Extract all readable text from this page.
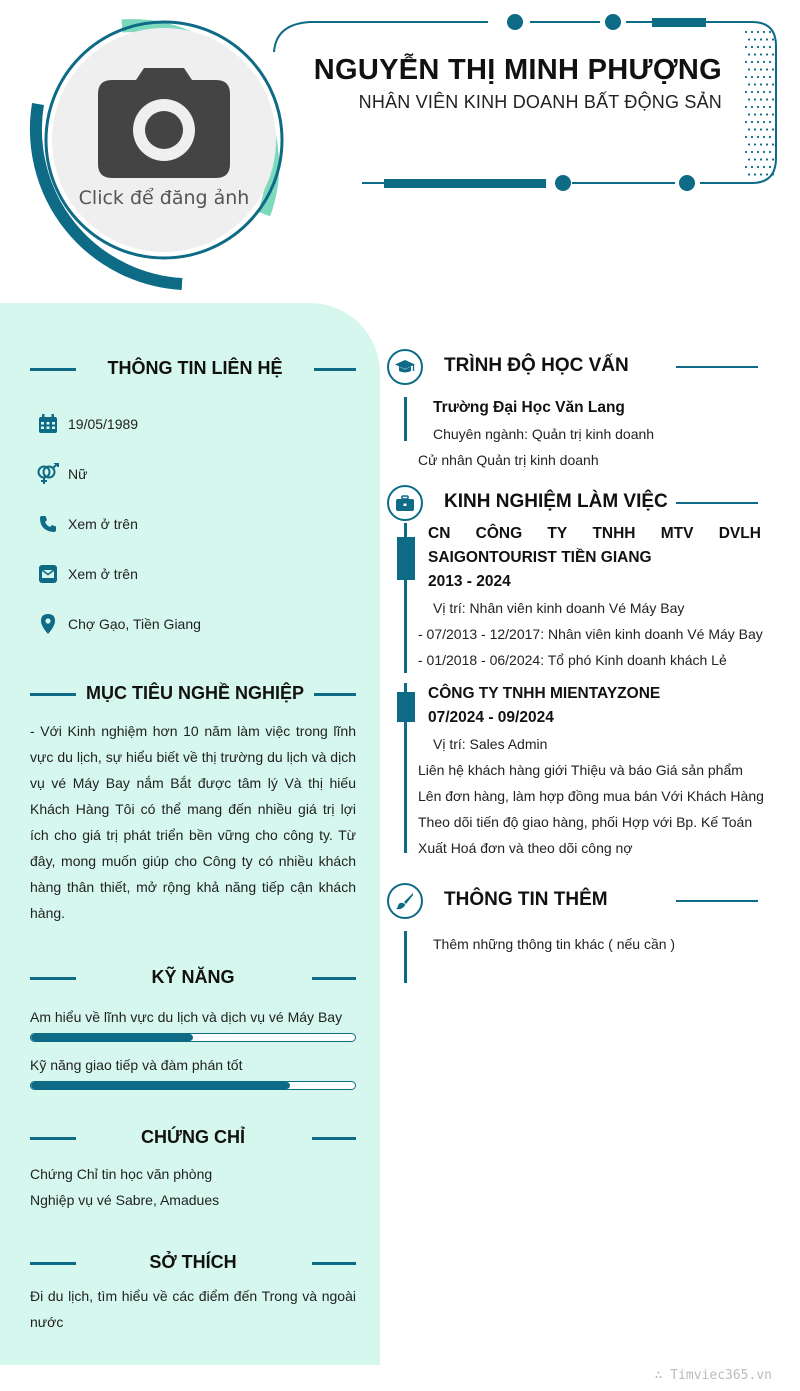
Click để đăng ảnh
NGUYỄN THỊ MINH PHƯỢNG
NHÂN VIÊN KINH DOANH BẤT ĐỘNG SẢN
THÔNG TIN LIÊN HỆ
19/05/1989
Nữ
Xem ở trên
Xem ở trên
Chợ Gạo, Tiền Giang
MỤC TIÊU NGHỀ NGHIỆP
- Với Kinh nghiệm hơn 10 năm làm việc trong lĩnh vực du lịch, sự hiểu biết về thị trường du lịch và dịch vụ vé Máy Bay nắm Bắt được tâm lý Và thị hiếu Khách Hàng Tôi có thể mang đến nhiều giá trị lợi ích cho giá trị phát triển bền vững cho công ty. Từ đây, mong muốn giúp cho Công ty có nhiều khách hàng thân thiết, mở rộng khả năng tiếp cận khách hàng.
KỸ NĂNG
Am hiểu về lĩnh vực du lịch và dịch vụ vé Máy Bay
Kỹ năng giao tiếp và đàm phán tốt
CHỨNG CHỈ
Chứng Chỉ tin học văn phòng
Nghiệp vụ vé Sabre, Amadues
SỞ THÍCH
Đi du lịch, tìm hiểu về các điểm đến Trong và ngoài nước
TRÌNH ĐỘ HỌC VẤN
Trường Đại Học Văn Lang
Chuyên ngành: Quản trị kinh doanh
Cử nhân Quản trị kinh doanh
KINH NGHIỆM LÀM VIỆC
CN CÔNG TY TNHH MTV DVLH
SAIGONTOURIST TIỀN GIANG
2013 - 2024
Vị trí: Nhân viên kinh doanh Vé Máy Bay
- 07/2013 - 12/2017: Nhân viên kinh doanh Vé Máy Bay
- 01/2018 - 06/2024: Tổ phó Kinh doanh khách Lẻ
CÔNG TY TNHH MIENTAYZONE
07/2024 - 09/2024
Vị trí: Sales Admin
Liên hệ khách hàng giới Thiệu và báo Giá sản phẩm
Lên đơn hàng, làm hợp đồng mua bán Với Khách Hàng
Theo dõi tiến độ giao hàng, phối Hợp với Bp. Kế Toán
Xuất Hoá đơn và theo dõi công nợ
THÔNG TIN THÊM
Thêm những thông tin khác ( nếu cần )
∴ Timviec365.vn
